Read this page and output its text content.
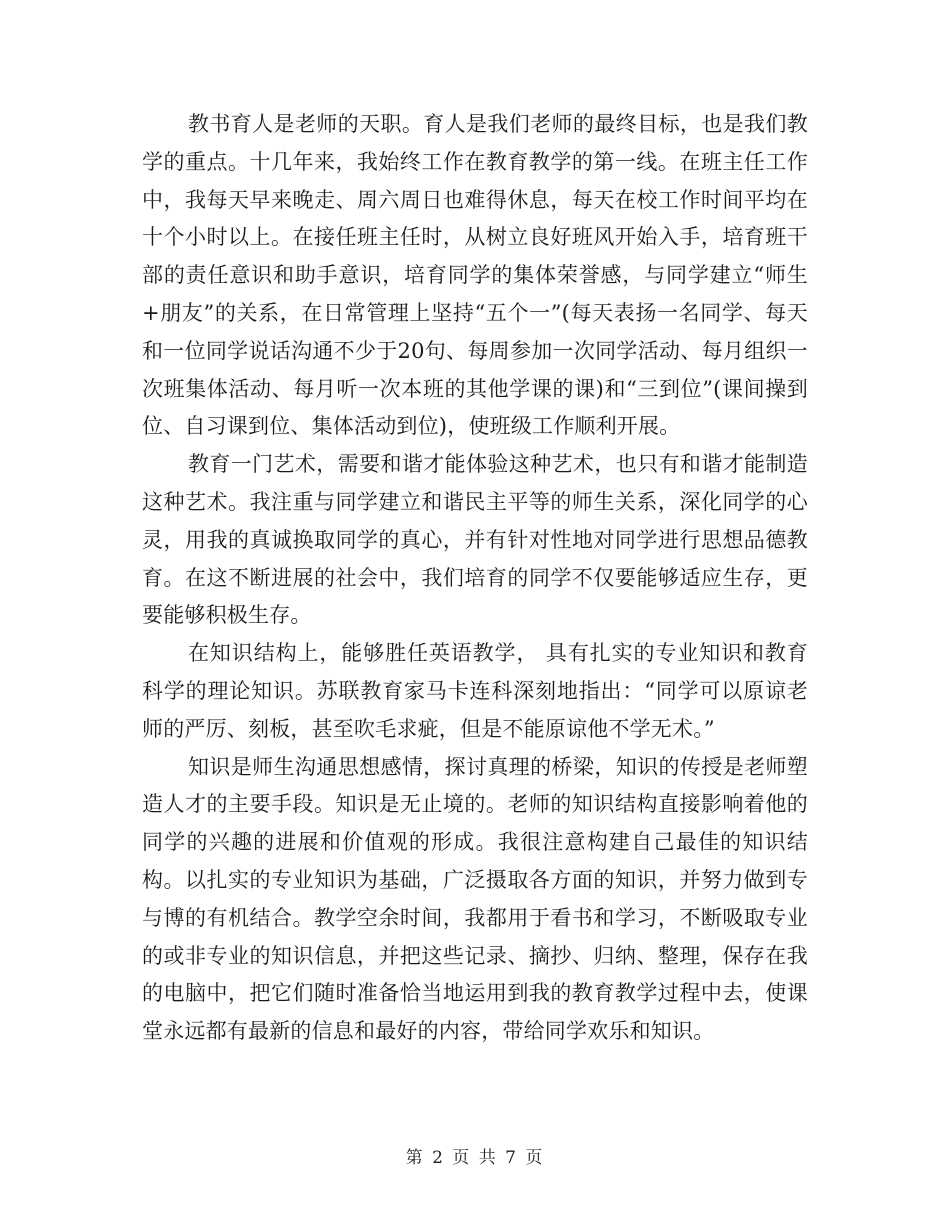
教书育人是老师的天职。育人是我们老师的最终目标，也是我们教学的重点。十几年来，我始终工作在教育教学的第一线。在班主任工作中，我每天早来晚走、周六周日也难得休息，每天在校工作时间平均在十个小时以上。在接任班主任时，从树立良好班风开始入手，培育班干部的责任意识和助手意识，培育同学的集体荣誉感，与同学建立“师生+朋友”的关系，在日常管理上坚持“五个一”(每天表扬一名同学、每天和一位同学说话沟通不少于20句、每周参加一次同学活动、每月组织一次班集体活动、每月听一次本班的其他学课的课)和“三到位”(课间操到位、自习课到位、集体活动到位)，使班级工作顺利开展。

教育一门艺术，需要和谐才能体验这种艺术，也只有和谐才能制造这种艺术。我注重与同学建立和谐民主平等的师生关系，深化同学的心灵，用我的真诚换取同学的真心，并有针对性地对同学进行思想品德教育。在这不断进展的社会中，我们培育的同学不仅要能够适应生存，更要能够积极生存。

在知识结构上，能够胜任英语教学， 具有扎实的专业知识和教育科学的理论知识。苏联教育家马卡连科深刻地指出：“同学可以原谅老师的严厉、刻板，甚至吹毛求疵，但是不能原谅他不学无术。”

知识是师生沟通思想感情，探讨真理的桥梁，知识的传授是老师塑造人才的主要手段。知识是无止境的。老师的知识结构直接影响着他的同学的兴趣的进展和价值观的形成。我很注意构建自己最佳的知识结构。以扎实的专业知识为基础，广泛摄取各方面的知识，并努力做到专与博的有机结合。教学空余时间，我都用于看书和学习，不断吸取专业的或非专业的知识信息，并把这些记录、摘抄、归纳、整理，保存在我的电脑中，把它们随时准备恰当地运用到我的教育教学过程中去，使课堂永远都有最新的信息和最好的内容，带给同学欢乐和知识。

第 2 页 共 7 页
